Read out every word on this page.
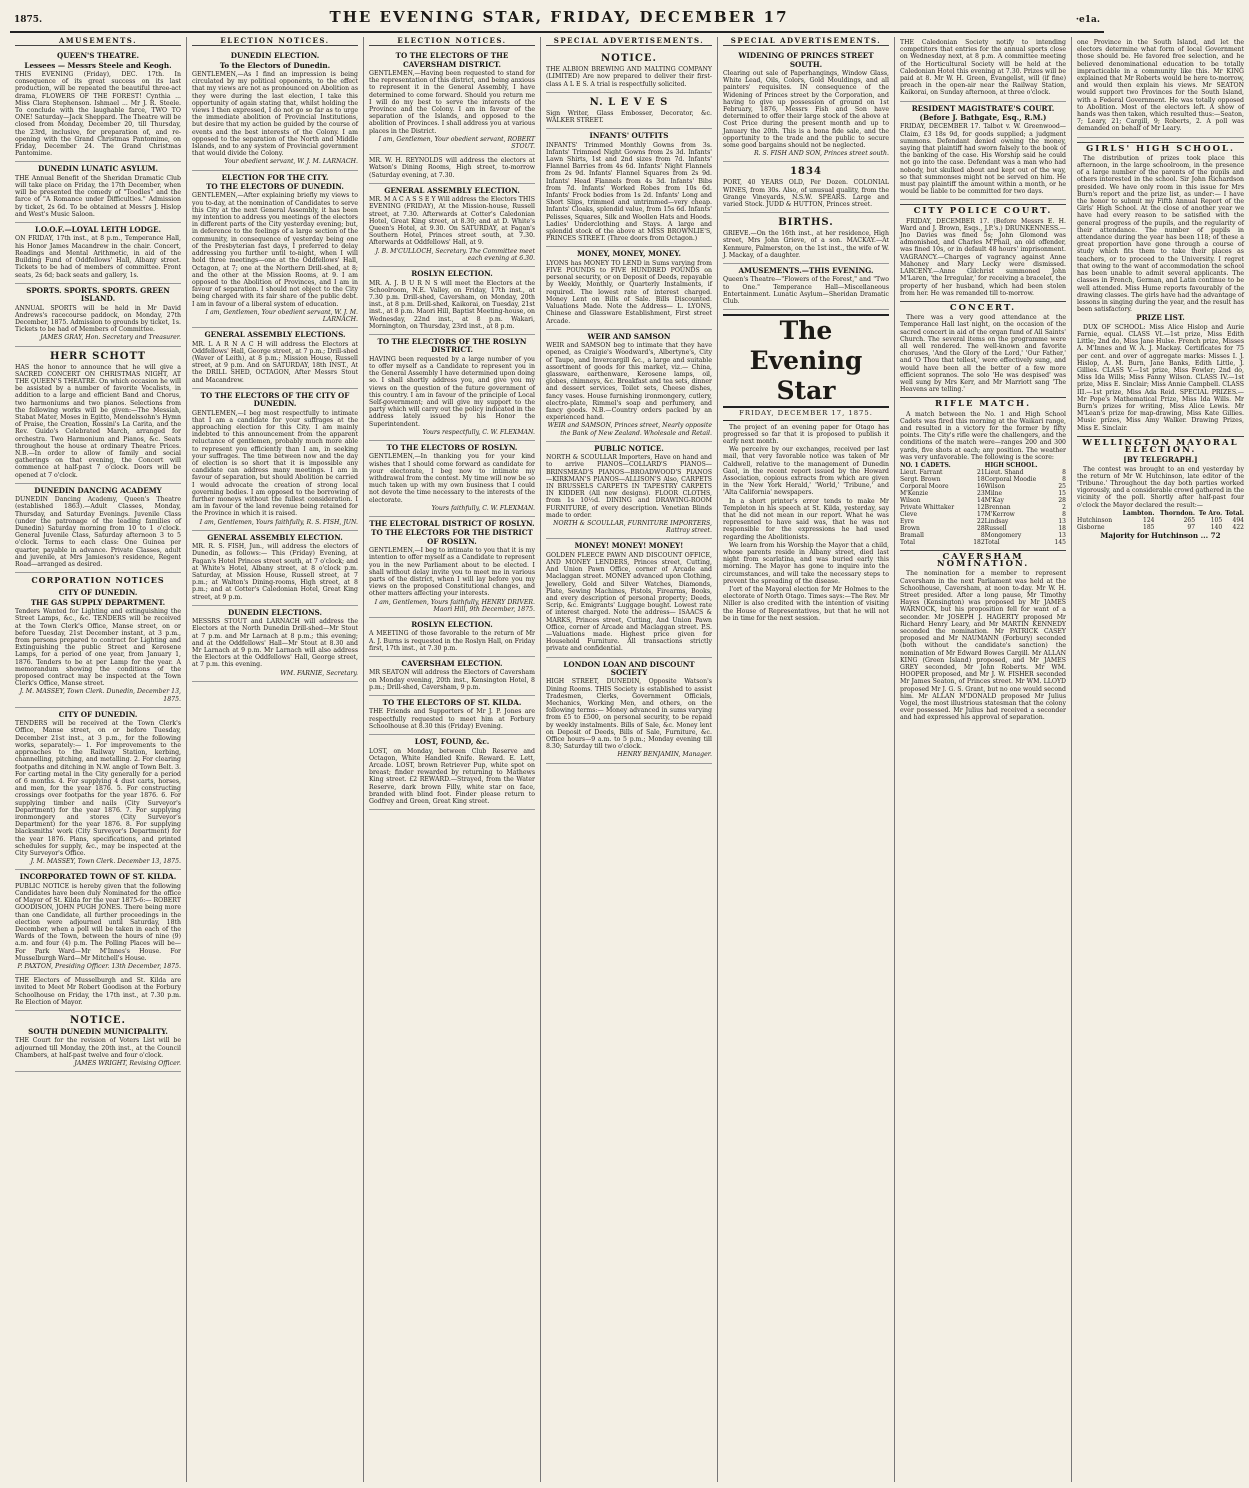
1875.	THE EVENING STAR, FRIDAY, DECEMBER 17	·e1a.
AMUSEMENTS.
QUEEN'S THEATRE.
Lessees — Messrs Steele and Keogh.

THIS EVENING (Friday), DEC. 17th. In consequence of its great success on its last production, will be repeated the beautiful three-act drama, FLOWERS OF THE FOREST! Cynthia ... Miss Clara Stephenson. Ishmael ... Mr J. R. Steele. To conclude with the laughable farce, TWO TO ONE! Saturday—Jack Sheppard. The Theatre will be closed from Monday, December 20, till Thursday, the 23rd, inclusive, for preparation of, and re-opening with the Grand Christmas Pantomime, on Friday, December 24. The Grand Christmas Pantomime.

DUNEDIN LUNATIC ASYLUM.

THE Annual Benefit of the Sheridan Dramatic Club will take place on Friday, the 17th December, when will be presented the comedy of "Toodles" and the farce of "A Romance under Difficulties." Admission by ticket, 2s 6d. To be obtained at Messrs J. Hislop and West's Music Saloon.

I.O.O.F.—LOYAL LEITH LODGE.

ON FRIDAY, 17th inst., at 8 p.m., Temperance Hall, his Honor James Macandrew in the chair. Concert, Readings and Mental Arithmetic, in aid of the Building Fund of Oddfellows' Hall, Albany street. Tickets to be had of members of committee. Front seats, 2s 6d; back seats and gallery, 1s.

SPORTS. SPORTS. SPORTS. GREEN ISLAND.

ANNUAL SPORTS will be held in Mr David Andrews's racecourse paddock, on Monday, 27th December, 1875. Admission to grounds by ticket, 1s. Tickets to be had of Members of Committee.

JAMES GRAY, Hon. Secretary and Treasurer.

HERR SCHOTT

HAS the honor to announce that he will give a SACRED CONCERT ON CHRISTMAS NIGHT, AT THE QUEEN'S THEATRE. On which occasion he will be assisted by a number of favorite Vocalists, in addition to a large and efficient Band and Chorus, two harmoniums and two pianos. Selections from the following works will be given:—The Messiah, Stabat Mater, Moses in Egitto, Mendelssohn's Hymn of Praise, the Creation, Rossini's La Carita, and the Rev. Guido's Celebrated March, arranged for orchestra. Two Harmonium and Pianos, &c. Seats throughout the house at ordinary Theatre Prices. N.B.—In order to allow of family and social gatherings on that evening, the Concert will commence at half-past 7 o'clock. Doors will be opened at 7 o'clock.

DUNEDIN DANCING ACADEMY

DUNEDIN Dancing Academy, Queen's Theatre (established 1863).—Adult Classes, Monday, Thursday, and Saturday Evenings. Juvenile Class (under the patronage of the leading families of Dunedin) Saturday morning from 10 to 1 o'clock. General Juvenile Class, Saturday afternoon 3 to 5 o'clock. Terms to each class: One Guinea per quarter, payable in advance. Private Classes, adult and juvenile, at Mrs Jamieson's residence, Regent Road—arranged as desired.

CORPORATION NOTICES
CITY OF DUNEDIN.
THE GAS SUPPLY DEPARTMENT.

Tenders Wanted for Lighting and extinguishing the Street Lamps, &c., &c. TENDERS will be received at the Town Clerk's Office, Manse street, on or before Tuesday, 21st December instant, at 3 p.m., from persons prepared to contract for Lighting and Extinguishing the public Street and Kerosene Lamps, for a period of one year, from January 1, 1876. Tenders to be at per Lamp for the year. A memorandum showing the conditions of the proposed contract may be inspected at the Town Clerk's Office, Manse street.

J. M. MASSEY, Town Clerk. Dunedin, December 13, 1875.

CITY OF DUNEDIN.

TENDERS will be received at the Town Clerk's Office, Manse street, on or before Tuesday, December 21st inst., at 3 p.m., for the following works, separately:— 1. For improvements to the approaches to the Railway Station, kerbing, channelling, pitching, and metalling. 2. For clearing footpaths and ditching in N.W. angle of Town Belt. 3. For carting metal in the City generally for a period of 6 months. 4. For supplying 4 dust carts, horses, and men, for the year 1876. 5. For constructing crossings over footpaths for the year 1876. 6. For supplying timber and nails (City Surveyor's Department) for the year 1876. 7. For supplying ironmongery and stores (City Surveyor's Department) for the year 1876. 8. For supplying blacksmiths' work (City Surveyor's Department) for the year 1876. Plans, specifications, and printed schedules for supply, &c., may be inspected at the City Surveyor's Office.

J. M. MASSEY, Town Clerk. December 13, 1875.

INCORPORATED TOWN OF ST. KILDA.

PUBLIC NOTICE is hereby given that the following Candidates have been duly Nominated for the office of Mayor of St. Kilda for the year 1875-6:— ROBERT GOODISON, JOHN PUGH JONES. There being more than one Candidate, all further proceedings in the election were adjourned until Saturday, 18th December, when a poll will be taken in each of the Wards of the Town, between the hours of nine (9) a.m. and four (4) p.m. The Polling Places will be— For Park Ward—Mr M'Innes's House. For Musselburgh Ward—Mr Mitchell's House.

P. PAXTON, Presiding Officer. 13th December, 1875.

THE Electors of Musselburgh and St. Kilda are invited to Meet Mr Robert Goodison at the Forbury Schoolhouse on Friday, the 17th inst., at 7.30 p.m. Re Election of Mayor.

NOTICE.
SOUTH DUNEDIN MUNICIPALITY.

THE Court for the revision of Voters List will be adjourned till Monday, the 20th inst., at the Council Chambers, at half-past twelve and four o'clock.

JAMES WRIGHT, Revising Officer.

ELECTION NOTICES.
DUNEDIN ELECTION.
To the Electors of Dunedin.

GENTLEMEN,—As I find an impression is being circulated by my political opponents, to the effect that my views are not as pronounced on Abolition as they were during the last election, I take this opportunity of again stating that, whilst holding the views I then expressed, I do not go so far as to urge the immediate abolition of Provincial Institutions, but desire that my action be guided by the course of events and the best interests of the Colony. I am opposed to the separation of the North and Middle Islands, and to any system of Provincial government that would divide the Colony.

Your obedient servant, W. J. M. LARNACH.

ELECTION FOR THE CITY.
TO THE ELECTORS OF DUNEDIN.

GENTLEMEN,—After explaining briefly my views to you to-day, at the nomination of Candidates to serve this City at the next General Assembly, it has been my intention to address you meetings of the electors in different parts of the City yesterday evening; but, in deference to the feelings of a large section of the community, in consequence of yesterday being one of the Presbyterian fast days, I preferred to delay addressing you further until to-night, when I will hold three meetings—one at the Oddfellows' Hall, Octagon, at 7; one at the Northern Drill-shed, at 8; and the other at the Mission Rooms, at 9. I am opposed to the Abolition of Provinces, and I am in favour of separation. I should not object to the City being charged with its fair share of the public debt. I am in favour of a liberal system of education.

I am, Gentlemen, Your obedient servant, W. J. M. LARNACH.

GENERAL ASSEMBLY ELECTIONS.

MR. L A R N A C H will address the Electors at Oddfellows' Hall, George street, at 7 p.m.; Drill-shed (Waver of Leith), at 8 p.m.; Mission House, Russell street, at 9 p.m. And on SATURDAY, 18th INST., At the DRILL SHED, OCTAGON, After Messrs Stout and Macandrew.

TO THE ELECTORS OF THE CITY OF DUNEDIN.

GENTLEMEN,—I beg most respectfully to intimate that I am a candidate for your suffrages at the approaching election for this City. I am mainly indebted to this announcement from the apparent reluctance of gentlemen, probably much more able to represent you efficiently than I am, in seeking your suffrages. The time between now and the day of election is so short that it is impossible any candidate can address many meetings. I am in favour of separation, but should Abolition be carried I would advocate the creation of strong local governing bodies. I am opposed to the borrowing of further moneys without the fullest consideration. I am in favour of the land revenue being retained for the Province in which it is raised.

I am, Gentlemen, Yours faithfully, R. S. FISH, JUN.

GENERAL ASSEMBLY ELECTION.

MR. R. S. FISH, Jun., will address the electors of Dunedin, as follows:— This (Friday) Evening, at Fagan's Hotel Princes street south, at 7 o'clock; and at White's Hotel, Albany street, at 8 o'clock p.m. Saturday, at Mission House, Russell street, at 7 p.m.; at Walton's Dining-rooms, High street, at 8 p.m.; and at Cotter's Caledonian Hotel, Great King street, at 9 p.m.

DUNEDIN ELECTIONS.

MESSRS STOUT and LARNACH will address the Electors at the North Dunedin Drill-shed—Mr Stout at 7 p.m. and Mr Larnach at 8 p.m.; this evening; and at the Oddfellows' Hall—Mr Stout at 8.30 and Mr Larnach at 9 p.m. Mr Larnach will also address the Electors at the Oddfellows' Hall, George street, at 7 p.m. this evening.

WM. FARNIE, Secretary.

ELECTION NOTICES.
TO THE ELECTORS OF THE CAVERSHAM DISTRICT.

GENTLEMEN,—Having been requested to stand for the representation of this district, and being anxious to represent it in the General Assembly, I have determined to come forward. Should you return me I will do my best to serve the interests of the Province and the Colony. I am in favour of the separation of the Islands, and opposed to the abolition of Provinces. I shall address you at various places in the District.

I am, Gentlemen, Your obedient servant, ROBERT STOUT.

MR. W. H. REYNOLDS will address the electors at Watson's Dining Rooms, High street, to-morrow (Saturday evening, at 7.30.

GENERAL ASSEMBLY ELECTION.

MR. M A C A S S E Y Will address the Electors THIS EVENING (FRIDAY), At the Mission-house, Russell street, at 7.30. Afterwards at Cotter's Caledonian Hotel, Great King street, at 8.30; and at D. White's Queen's Hotel, at 9.30. On SATURDAY, at Fagan's Southern Hotel, Princes street south, at 7.30. Afterwards at Oddfellows' Hall, at 9.

J. B. M'CULLOCH, Secretary. The Committee meet each evening at 6.30.

ROSLYN ELECTION.

MR. A. J. B U R N S will meet the Electors at the Schoolroom, N.E. Valley, on Friday, 17th inst., at 7.30 p.m. Drill-shed, Caversham, on Monday, 20th inst., at 8 p.m. Drill-shed, Kaikorai, on Tuesday, 21st inst., at 8 p.m. Maori Hill, Baptist Meeting-house, on Wednesday, 22nd inst., at 8 p.m. Wakari, Mornington, on Thursday, 23rd inst., at 8 p.m.

TO THE ELECTORS OF THE ROSLYN DISTRICT.

HAVING been requested by a large number of you to offer myself as a Candidate to represent you in the General Assembly I have determined upon doing so. I shall shortly address you, and give you my views on the question of the future government of this country. I am in favour of the principle of Local Self-government; and will give my support to the party which will carry out the policy indicated in the address lately issued by his Honor the Superintendent.

Yours respectfully, C. W. FLEXMAN.

TO THE ELECTORS OF ROSLYN.

GENTLEMEN,—In thanking you for your kind wishes that I should come forward as candidate for your electorate, I beg now to intimate my withdrawal from the contest. My time will now be so much taken up with my own business that I could not devote the time necessary to the interests of the electorate.

Yours faithfully, C. W. FLEXMAN.

THE ELECTORAL DISTRICT OF ROSLYN.
TO THE ELECTORS FOR THE DISTRICT OF ROSLYN.

GENTLEMEN,—I beg to intimate to you that it is my intention to offer myself as a Candidate to represent you in the new Parliament about to be elected. I shall without delay invite you to meet me in various parts of the district, when I will lay before you my views on the proposed Constitutional changes, and other matters affecting your interests.

I am, Gentlemen, Yours faithfully, HENRY DRIVER. Maori Hill, 9th December, 1875.

ROSLYN ELECTION.

A MEETING of those favorable to the return of Mr A. J. Burns is requested in the Roslyn Hall, on Friday first, 17th inst., at 7.30 p.m.

CAVERSHAM ELECTION.

MR SEATON will address the Electors of Caversham on Monday evening, 20th inst., Kensington Hotel, 8 p.m.; Drill-shed, Caversham, 9 p.m.

TO THE ELECTORS OF ST. KILDA.

THE Friends and Supporters of Mr J. P. Jones are respectfully requested to meet him at Forbury Schoolhouse at 8.30 this (Friday) Evening.

LOST, FOUND, &c.

LOST, on Monday, between Club Reserve and Octagon, White Handled Knife. Reward. E. Lett, Arcade. LOST, brown Retriever Pup, white spot on breast; finder rewarded by returning to Mathews King street. £2 REWARD.—Strayed, from the Water Reserve, dark brown Filly, white star on face, branded with blind foot. Finder please return to Godfrey and Green, Great King street.

SPECIAL ADVERTISEMENTS.
NOTICE.

THE ALBION BREWING AND MALTING COMPANY (LIMITED) Are now prepared to deliver their first-class A L E S. A trial is respectfully solicited.

N. L E V E S

Sign Writer, Glass Embosser, Decorator, &c. WALKER STREET.

INFANTS' OUTFITS

INFANTS' Trimmed Monthly Gowns from 3s. Infants' Trimmed Night Gowns from 2s 3d. Infants' Lawn Shirts, 1st and 2nd sizes from 7d. Infants' Flannel Barries from 4s 6d. Infants' Night Flannels from 2s 9d. Infants' Flannel Squares from 2s 9d. Infants' Head Flannels from 4s 3d. Infants' Bibs from 7d. Infants' Worked Robes from 10s 6d. Infants' Frock bodies from 1s 2d. Infants' Long and Short Slips, trimmed and untrimmed—very cheap. Infants' Cloaks, splendid value, from 15s 6d. Infants' Pelisses, Squares, Silk and Woollen Hats and Hoods. Ladies' Underclothing and Stays. A large and splendid stock of the above at MISS BROWNLIE'S, PRINCES STREET. (Three doors from Octagon.)

MONEY, MONEY, MONEY.

LYONS has MONEY TO LEND in Sums varying from FIVE POUNDS to FIVE HUNDRED POUNDS on personal security, or on Deposit of Deeds, repayable by Weekly, Monthly, or Quarterly Instalments, if required. The lowest rate of interest charged. Money Lent on Bills of Sale. Bills Discounted. Valuations Made. Note the Address— L. LYONS, Chinese and Glassware Establishment, First street Arcade.

WEIR AND SAMSON

WEIR and SAMSON beg to intimate that they have opened, as Craigie's Woodward's, Albertyne's, City of Taupo, and Invercargill &c., a large and suitable assortment of goods for this market, viz.— China, glassware, earthenware, Kerosene lamps, oil, globes, chimneys, &c. Breakfast and tea sets, dinner and dessert services, Toilet sets, Cheese dishes, fancy vases. House furnishing ironmongery, cutlery, electro-plate, Rimmel's soap and perfumery, and fancy goods. N.B.—Country orders packed by an experienced hand.

WEIR and SAMSON, Princes street, Nearly opposite the Bank of New Zealand. Wholesale and Retail.

PUBLIC NOTICE.

NORTH & SCOULLAR Importers, Have on hand and to arrive PIANOS—COLLARD'S PIANOS—BRINSMEAD'S PIANOS—BROADWOOD'S PIANOS—KIRKMAN'S PIANOS—ALLISON'S Also, CARPETS IN BRUSSELS CARPETS IN TAPESTRY CARPETS IN KIDDER (All new designs). FLOOR CLOTHS, from 1s 10½d. DINING and DRAWING-ROOM FURNITURE, of every description. Venetian Blinds made to order.

NORTH & SCOULLAR, FURNITURE IMPORTERS, Rattray street.

MONEY! MONEY! MONEY!

GOLDEN FLEECE PAWN AND DISCOUNT OFFICE, AND MONEY LENDERS, Princes street, Cutting, And Union Pawn Office, corner of Arcade and Maclaggan street. MONEY advanced upon Clothing, Jewellery, Gold and Silver Watches, Diamonds, Plate, Sewing Machines, Pistols, Firearms, Books, and every description of personal property; Deeds, Scrip, &c. Emigrants' Luggage bought. Lowest rate of interest charged. Note the address— ISAACS & MARKS, Princes street, Cutting, And Union Pawn Office, corner of Arcade and Maclaggan street. P.S.—Valuations made. Highest price given for Household Furniture. All transactions strictly private and confidential.

LONDON LOAN AND DISCOUNT SOCIETY

HIGH STREET, DUNEDIN, Opposite Watson's Dining Rooms. THIS Society is established to assist Tradesmen, Clerks, Government Officials, Mechanics, Working Men, and others, on the following terms:— Money advanced in sums varying from £5 to £500, on personal security, to be repaid by weekly instalments. Bills of Sale, &c. Money lent on Deposit of Deeds, Bills of Sale, Furniture, &c. Office hours—9 a.m. to 5 p.m.; Monday evening till 8.30; Saturday till two o'clock.

HENRY BENJAMIN, Manager.

SPECIAL ADVERTISEMENTS.
WIDENING OF PRINCES STREET SOUTH.

Clearing out sale of Paperhangings, Window Glass, White Lead, Oils, Colors, Gold Mouldings, and all painters' requisites. IN consequence of the Widening of Princes street by the Corporation, and having to give up possession of ground on 1st February, 1876, Messrs Fish and Son have determined to offer their large stock of the above at Cost Price during the present month and up to January the 20th. This is a bona fide sale, and the opportunity to the trade and the public to secure some good bargains should not be neglected.

R. S. FISH AND SON, Princes street south.

1834

PORT, 40 YEARS OLD, Per Dozen. COLONIAL WINES, from 30s. Also, of unusual quality, from the Grange Vineyards, N.S.W. SPEARS. Large and varied Stock. JUDD & HUTTON, Princes street.

BIRTHS.

GRIEVE.—On the 16th inst., at her residence, High street, Mrs John Grieve, of a son. MACKAY.—At Kenmure, Palmerston, on the 1st inst., the wife of W. J. Mackay, of a daughter.

AMUSEMENTS.—THIS EVENING.

Queen's Theatre—"Flowers of the Forest," and "Two to One." Temperance Hall—Miscellaneous Entertainment. Lunatic Asylum—Sheridan Dramatic Club.

The Evening Star
FRIDAY, DECEMBER 17, 1875.

The project of an evening paper for Otago has progressed so far that it is proposed to publish it early next month.

We perceive by our exchanges, received per last mail, that very favorable notice was taken of Mr Caldwell, relative to the management of Dunedin Gaol, in the recent report issued by the Howard Association, copious extracts from which are given in the 'New York Herald,' 'World,' 'Tribune,' and 'Alta California' newspapers.

In a short printer's error tends to make Mr Templeton in his speech at St. Kilda, yesterday, say that he did not mean in our report. What he was represented to have said was, that he was not responsible for the expressions he had used regarding the Abolitionists.

We learn from his Worship the Mayor that a child, whose parents reside in Albany street, died last night from scarlatina, and was buried early this morning. The Mayor has gone to inquire into the circumstances, and will take the necessary steps to prevent the spreading of the disease.

I'ort of the Mayoral election for Mr Holmes to the electorate of North Otago. Times says:—The Rev. Mr Niller is also credited with the intention of visiting the House of Representatives, but that he will not be in time for the next session.

THE Caledonian Society notify to intending competitors that entries for the annual sports close on Wednesday next, at 8 p.m. A committee meeting of the Horticultural Society will be held at the Caledonian Hotel this evening at 7.30. Prizes will be paid at 8. Mr W. H. Green, Evangelist, will (if fine) preach in the open-air near the Railway Station, Kaikorai, on Sunday afternoon, at three o'clock.

RESIDENT MAGISTRATE'S COURT.
(Before J. Bathgate, Esq., R.M.)

FRIDAY, DECEMBER 17. Talbot v. W. Greenwood—Claim, £3 18s 9d, for goods supplied; a judgment summons. Defendant denied owning the money, saying that plaintiff had sworn falsely to the book of the banking of the case. His Worship said he could not go into the case. Defendant was a man who had nobody, but skulked about and kept out of the way, so that summonses might not be served on him. He must pay plaintiff the amount within a month, or he would be liable to be committed for two days.

CITY POLICE COURT.

FRIDAY, DECEMBER 17. (Before Messrs E. H. Ward and J. Brown, Esqs., J.P.'s.) DRUNKENNESS.—Jno Davies was fined 5s; John Glomond was admonished, and Charles M'Phail, an old offender, was fined 10s, or in default 48 hours' imprisonment. VAGRANCY.—Charges of vagrancy against Anne Mahoney and Mary Lecky were dismissed. LARCENY.—Anne Gilchrist summoned John M'Laren, 'the Irregular,' for receiving a bracelet, the property of her husband, which had been stolen from her. He was remanded till to-morrow.

CONCERT.

There was a very good attendance at the Temperance Hall last night, on the occasion of the sacred concert in aid of the organ fund of All Saints' Church. The several items on the programme were all well rendered. The well-known and favorite choruses, 'And the Glory of the Lord,' 'Our Father,' and 'O Thou that tellest,' were effectively sung, and would have been all the better of a few more efficient sopranos. The solo 'He was despised' was well sung by Mrs Kerr, and Mr Marriott sang 'The Heavens are telling.'

RIFLE MATCH.

A match between the No. 1 and High School Cadets was fired this morning at the Waikari range, and resulted in a victory for the former by fifty points. The City's rifle were the challengers, and the conditions of the match were—ranges 200 and 300 yards, five shots at each; any position. The weather was very unfavorable. The following is the score:

NO. 1 CADETS.		HIGH SCHOOL.	
Lieut. Farrant	21	Lieut. Shand	8
Sergt. Brown	18	Corporal Moodie	8
Corporal Moore	16	Wilson	25
M'Kenzie	23	Milne	15
Wilson	14	M'Kay	28
Private Whittaker	12	Brennan	2
Cleve	17	M'Kerrow	8
Eyre	22	Lindsay	13
Brown	28	Russell	18
Bramall	8	Mongomery	13
Total	182	Total	145
CAVERSHAM NOMINATION.

The nomination for a member to represent Caversham in the next Parliament was held at the Schoolhouse, Caversham, at noon to-day. Mr W. H. Street presided. After a long pause, Mr Timothy Hayes (Kensington) was proposed by Mr JAMES WARNOCK, but his proposition fell for want of a seconder. Mr JOSEPH J. HAGERTY proposed Mr Richard Henry Leary, and Mr MARTIN KENNEDY seconded the nomination. Mr PATRICK CASEY proposed and Mr NAUMANN (Forbury) seconded (both without the candidate's sanction) the nomination of Mr Edward Bowes Cargill. Mr ALLAN KING (Green Island) proposed, and Mr JAMES GREY seconded, Mr John Roberts. Mr WM. HOOPER proposed, and Mr J. W. FISHER seconded Mr James Seaton, of Princes street. Mr WM. LLOYD proposed Mr J. G. S. Grant, but no one would second him. Mr ALLAN M'DONALD proposed Mr Julius Vogel, the most illustrious statesman that the colony ever possessed. Mr Julius had received a seconder and had expressed his approval of separation.

one Province in the South Island, and let the electors determine what form of local Government those should be. He favored free selection, and he believed denominational education to be totally impracticable in a community like this. Mr KING explained that Mr Roberts would be here to-morrow, and would then explain his views. Mr SEATON would support two Provinces for the South Island, with a Federal Government. He was totally opposed to Abolition. Most of the electors left. A show of hands was then taken, which resulted thus:—Seaton, 7; Leary, 21; Cargill, 9; Roberts, 2. A poll was demanded on behalf of Mr Leary.

GIRLS' HIGH SCHOOL.

The distribution of prizes took place this afternoon, in the large schoolroom, in the presence of a large number of the parents of the pupils and others interested in the school. Sir John Richardson presided. We have only room in this issue for Mrs Burn's report and the prize list, as under:— I have the honor to submit my Fifth Annual Report of the Girls' High School. At the close of another year we have had every reason to be satisfied with the general progress of the pupils, and the regularity of their attendance. The number of pupils in attendance during the year has been 118; of these a great proportion have gone through a course of study which fits them to take their places as teachers, or to proceed to the University. I regret that owing to the want of accommodation the school has been unable to admit several applicants. The classes in French, German, and Latin continue to be well attended. Miss Hume reports favourably of the drawing classes. The girls have had the advantage of lessons in singing during the year, and the result has been satisfactory.

PRIZE LIST.

DUX OF SCHOOL: Miss Alice Hislop and Aurie Farnie, equal. CLASS VI.—1st prize, Miss Edith Little; 2nd do, Miss Jane Hulse. French prize, Misses A. M'Innes and W. A. J. Mackay. Certificates for 75 per cent. and over of aggregate marks: Misses I. J. Hislop, A. M. Burn, Jane Banks, Edith Little, J. Gillies. CLASS V.—1st prize, Miss Fowler; 2nd do, Miss Ida Wills; Miss Fanny Wilson. CLASS IV.—1st prize, Miss E. Sinclair; Miss Annie Campbell. CLASS III.—1st prize, Miss Ada Reid. SPECIAL PRIZES.—Mr Pope's Mathematical Prize, Miss Ida Wills. Mr Burn's prizes for writing, Miss Alice Lewis. Mr M'Lean's prize for map-drawing, Miss Kate Gillies. Music prizes, Miss Amy Walker. Drawing Prizes, Miss E. Sinclair.

WELLINGTON MAYORAL ELECTION.
[BY TELEGRAPH.]

The contest was brought to an end yesterday by the return of Mr W. Hutchinson, late editor of the 'Tribune.' Throughout the day both parties worked vigorously, and a considerable crowd gathered in the vicinity of the poll. Shortly after half-past four o'clock the Mayor declared the result:—

	Lambton.	Thorndon.	Te Aro.	Total.
Hutchinson	124	265	105	494
Gisborne	185	97	140	422
Majority for Hutchinson ... 72
